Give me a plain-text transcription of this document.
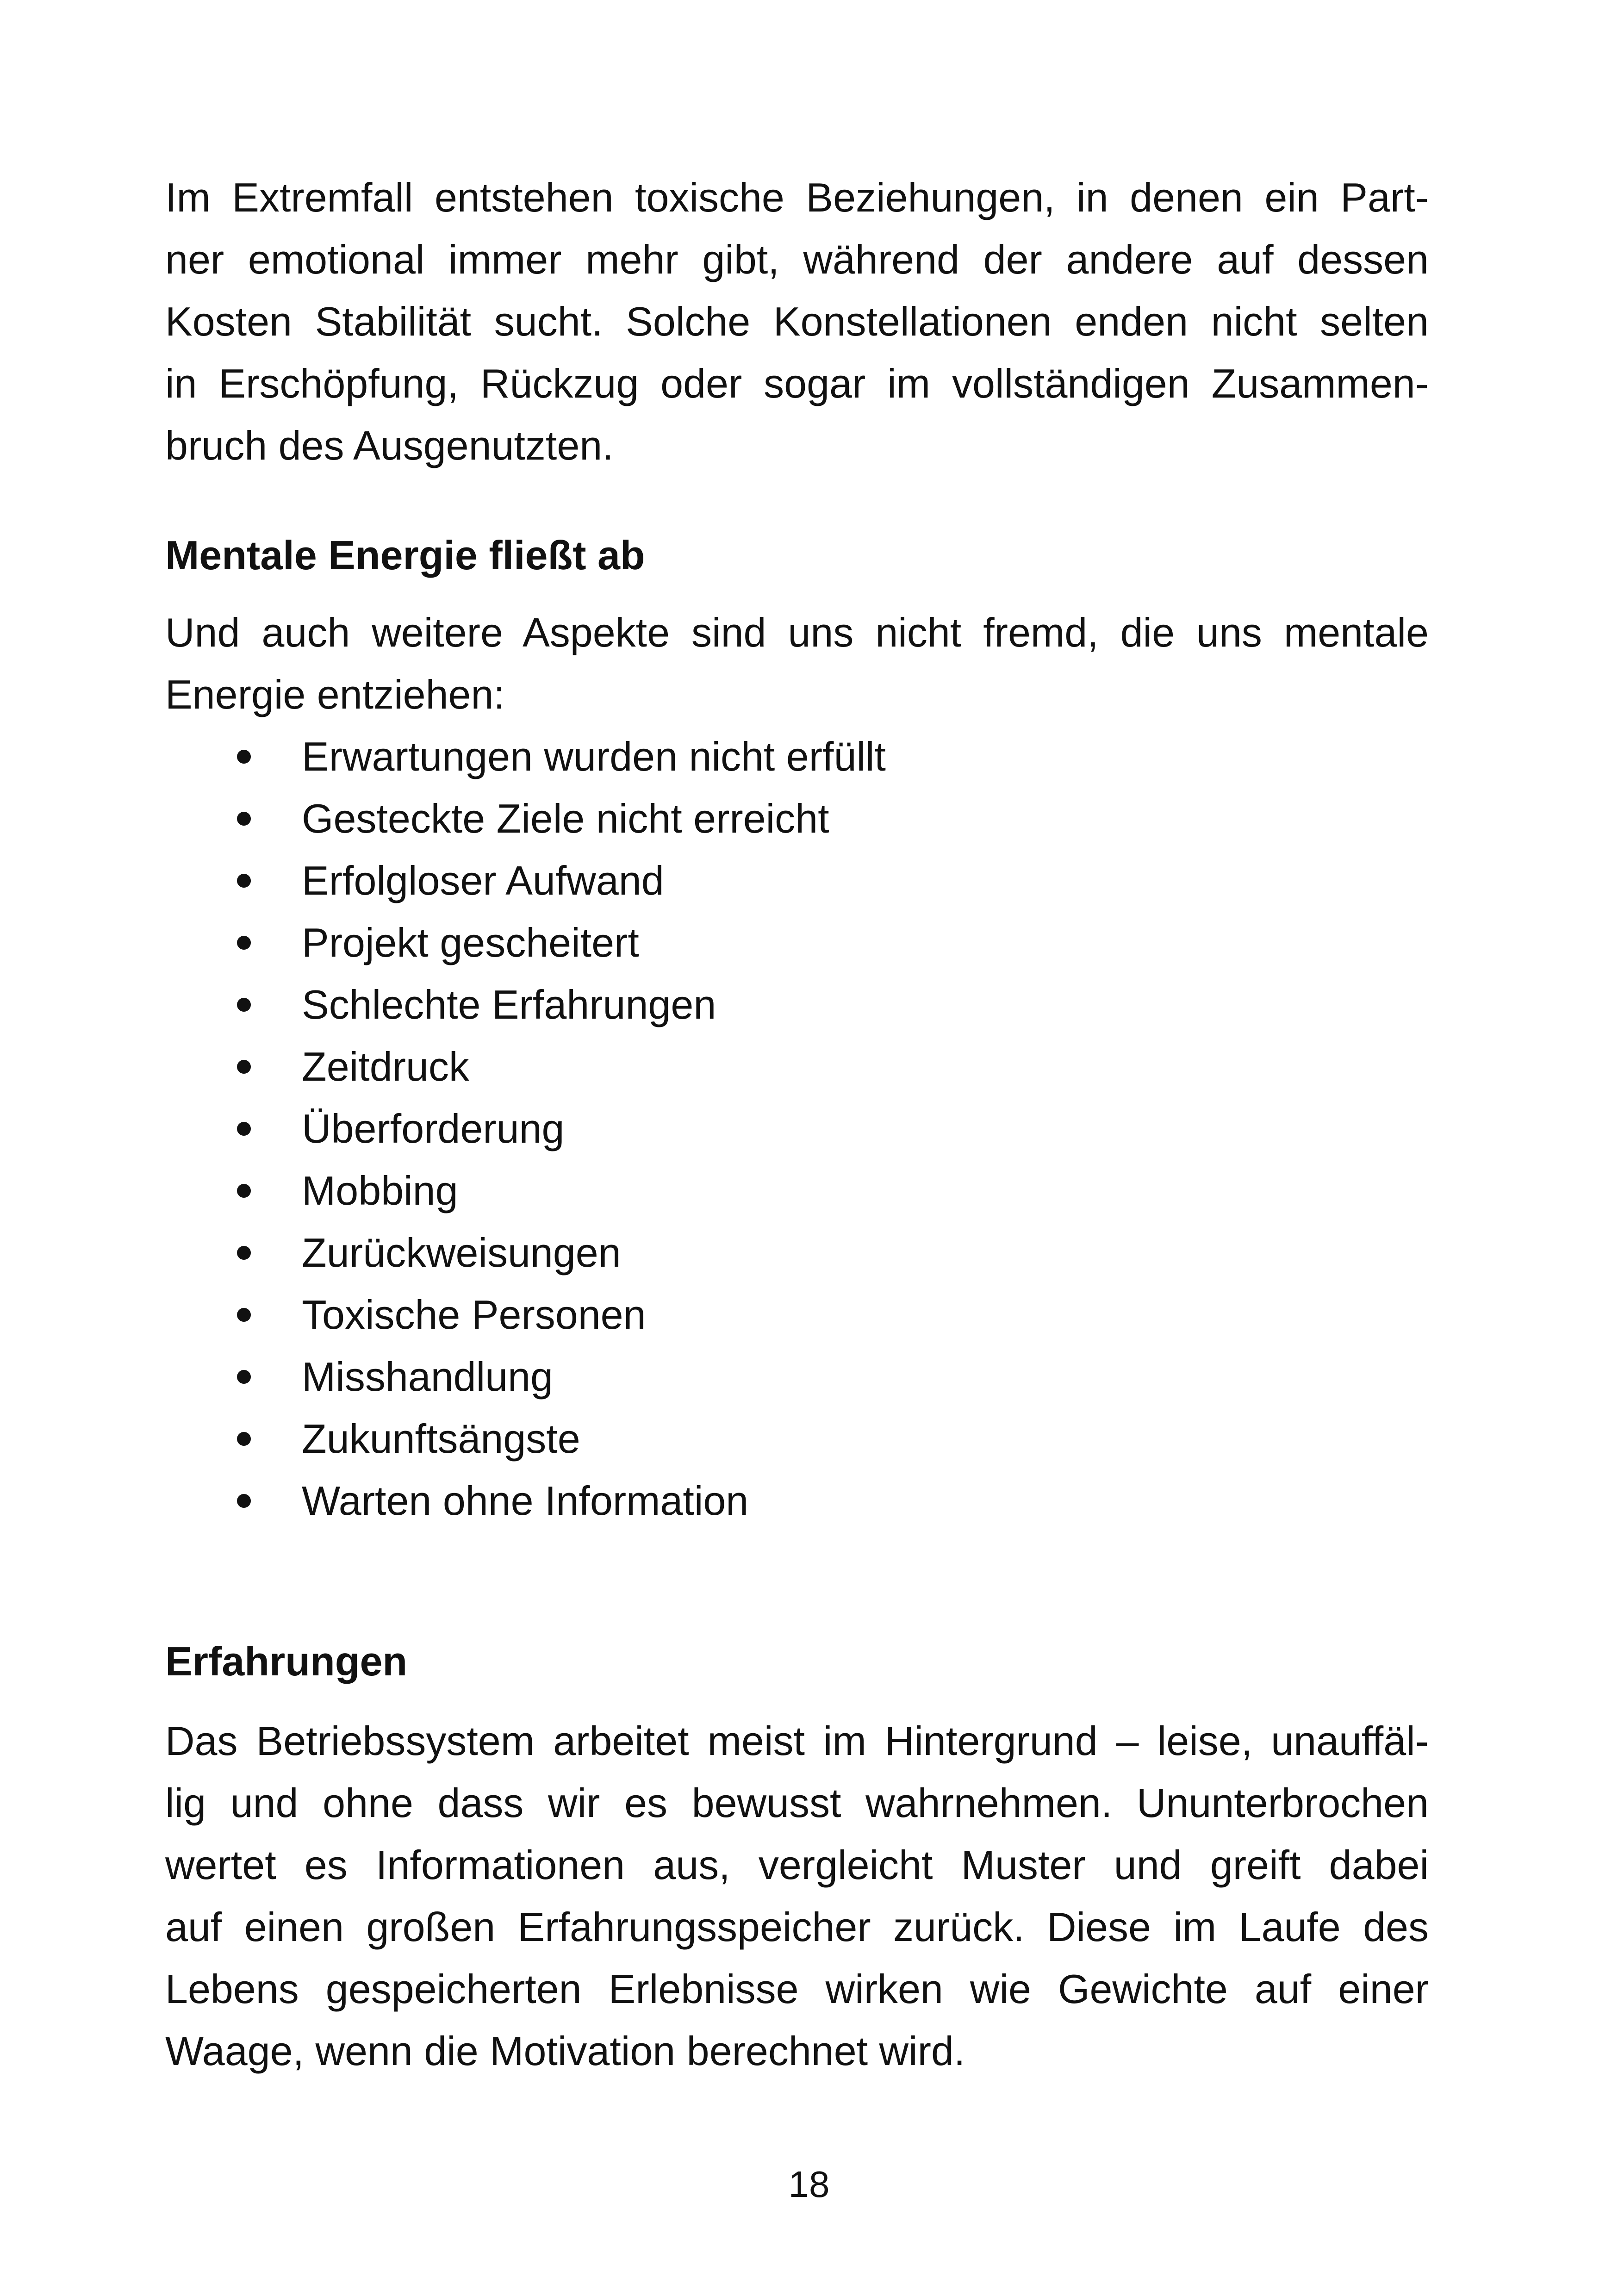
Im Extremfall entstehen toxische Beziehungen, in denen ein Part-
ner emotional immer mehr gibt, während der andere auf dessen
Kosten Stabilität sucht. Solche Konstellationen enden nicht selten
in Erschöpfung, Rückzug oder sogar im vollständigen Zusammen-
bruch des Ausgenutzten.

Mentale Energie fließt ab

Und auch weitere Aspekte sind uns nicht fremd, die uns mentale
Energie entziehen:

Erwartungen wurden nicht erfüllt
Gesteckte Ziele nicht erreicht
Erfolgloser Aufwand
Projekt gescheitert
Schlechte Erfahrungen
Zeitdruck
Überforderung
Mobbing
Zurückweisungen
Toxische Personen
Misshandlung
Zukunftsängste
Warten ohne Information
Erfahrungen

Das Betriebssystem arbeitet meist im Hintergrund – leise, unauffäl-
lig und ohne dass wir es bewusst wahrnehmen. Ununterbrochen
wertet es Informationen aus, vergleicht Muster und greift dabei
auf einen großen Erfahrungsspeicher zurück. Diese im Laufe des
Lebens gespeicherten Erlebnisse wirken wie Gewichte auf einer
Waage, wenn die Motivation berechnet wird.

18
